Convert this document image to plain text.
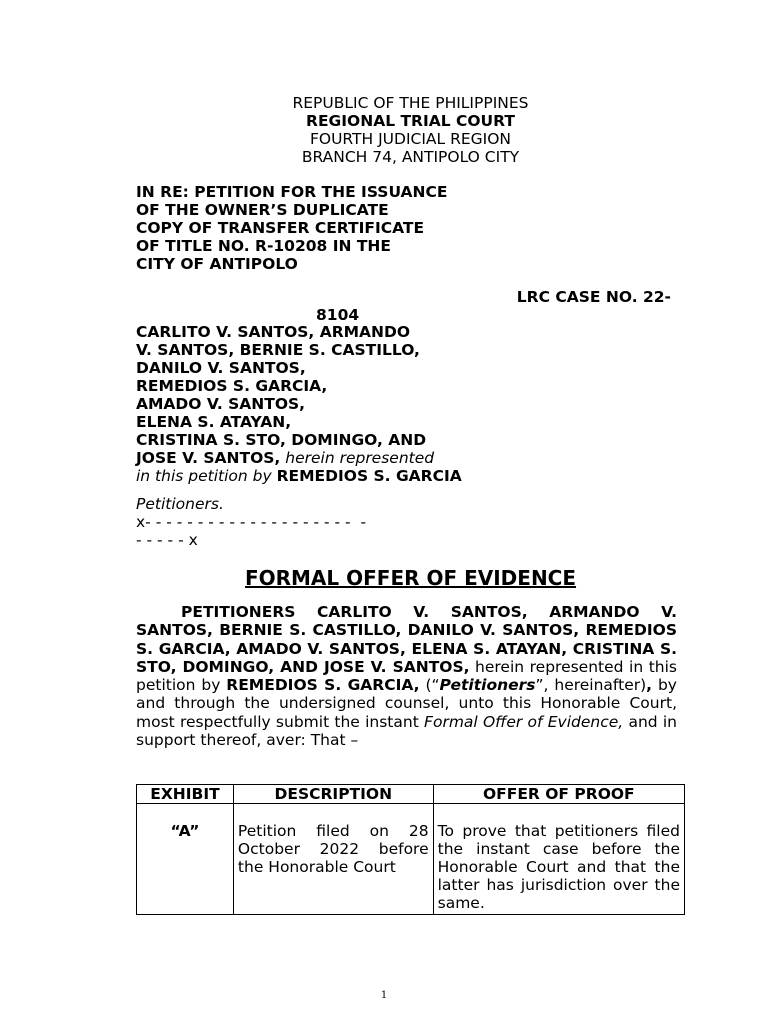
REPUBLIC OF THE PHILIPPINES
REGIONAL TRIAL COURT
FOURTH JUDICIAL REGION
BRANCH 74, ANTIPOLO CITY
IN RE: PETITION FOR THE ISSUANCE
OF THE OWNER’S DUPLICATE
COPY OF TRANSFER CERTIFICATE
OF TITLE NO. R-10208 IN THE
CITY OF ANTIPOLO
LRC CASE NO. 22-
8104
CARLITO V. SANTOS, ARMANDO
V. SANTOS, BERNIE S. CASTILLO,
DANILO V. SANTOS,
REMEDIOS S. GARCIA,
AMADO V. SANTOS,
ELENA S. ATAYAN,
CRISTINA S. STO, DOMINGO, AND
JOSE V. SANTOS, herein represented
in this petition by REMEDIOS S. GARCIA
Petitioners.
x- - - - - - - - - - - - - - - - - - - -  -
- - - - - x
FORMAL OFFER OF EVIDENCE
PETITIONERS CARLITO V. SANTOS, ARMANDO V. SANTOS, BERNIE S. CASTILLO, DANILO V. SANTOS, REMEDIOS S. GARCIA, AMADO V. SANTOS, ELENA S. ATAYAN, CRISTINA S. STO, DOMINGO, AND JOSE V. SANTOS, herein represented in this petition by REMEDIOS S. GARCIA, (“Petitioners”, hereinafter), by and through the undersigned counsel, unto this Honorable Court, most respectfully submit the instant Formal Offer of Evidence, and in support thereof, aver: That –
EXHIBIT	DESCRIPTION	OFFER OF PROOF
“A”	Petition filed on 28 October 2022 before the Honorable Court	To prove that petitioners filed the instant case before the Honorable Court and that the latter has jurisdiction over the same.
1
